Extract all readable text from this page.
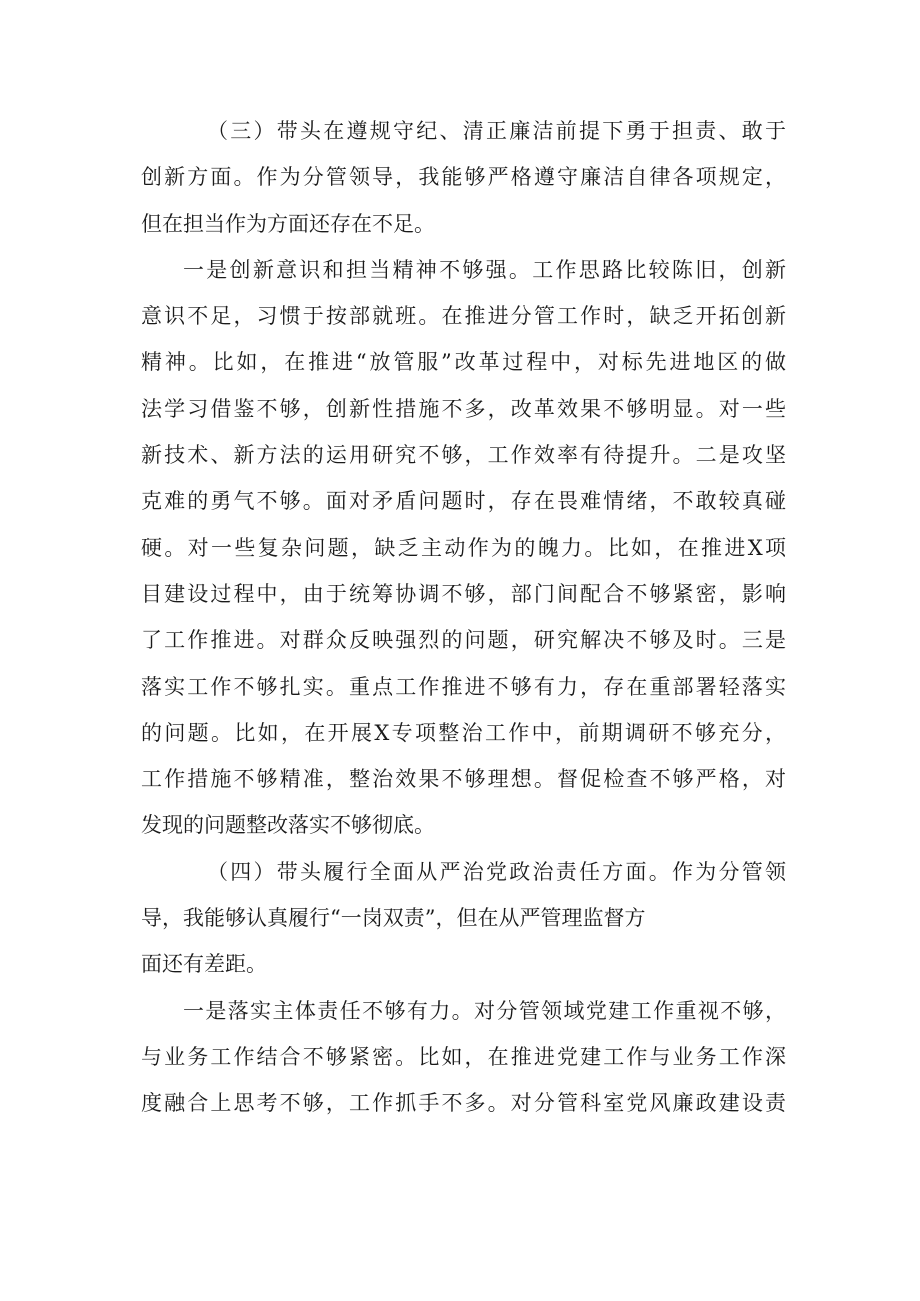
（三）带头在遵规守纪、清正廉洁前提下勇于担责、敢于
创新方面。作为分管领导，我能够严格遵守廉洁自律各项规定，
但在担当作为方面还存在不足。
一是创新意识和担当精神不够强。工作思路比较陈旧，创新
意识不足，习惯于按部就班。在推进分管工作时，缺乏开拓创新
精神。比如，在推进“放管服”改革过程中，对标先进地区的做
法学习借鉴不够，创新性措施不多，改革效果不够明显。对一些
新技术、新方法的运用研究不够，工作效率有待提升。二是攻坚
克难的勇气不够。面对矛盾问题时，存在畏难情绪，不敢较真碰
硬。对一些复杂问题，缺乏主动作为的魄力。比如，在推进X项
目建设过程中，由于统筹协调不够，部门间配合不够紧密，影响
了工作推进。对群众反映强烈的问题，研究解决不够及时。三是
落实工作不够扎实。重点工作推进不够有力，存在重部署轻落实
的问题。比如，在开展X专项整治工作中，前期调研不够充分，
工作措施不够精准，整治效果不够理想。督促检查不够严格，对
发现的问题整改落实不够彻底。
（四）带头履行全面从严治党政治责任方面。作为分管领
导，我能够认真履行“一岗双责”，但在从严管理监督方
面还有差距。
一是落实主体责任不够有力。对分管领域党建工作重视不够，
与业务工作结合不够紧密。比如，在推进党建工作与业务工作深
度融合上思考不够，工作抓手不多。对分管科室党风廉政建设责
